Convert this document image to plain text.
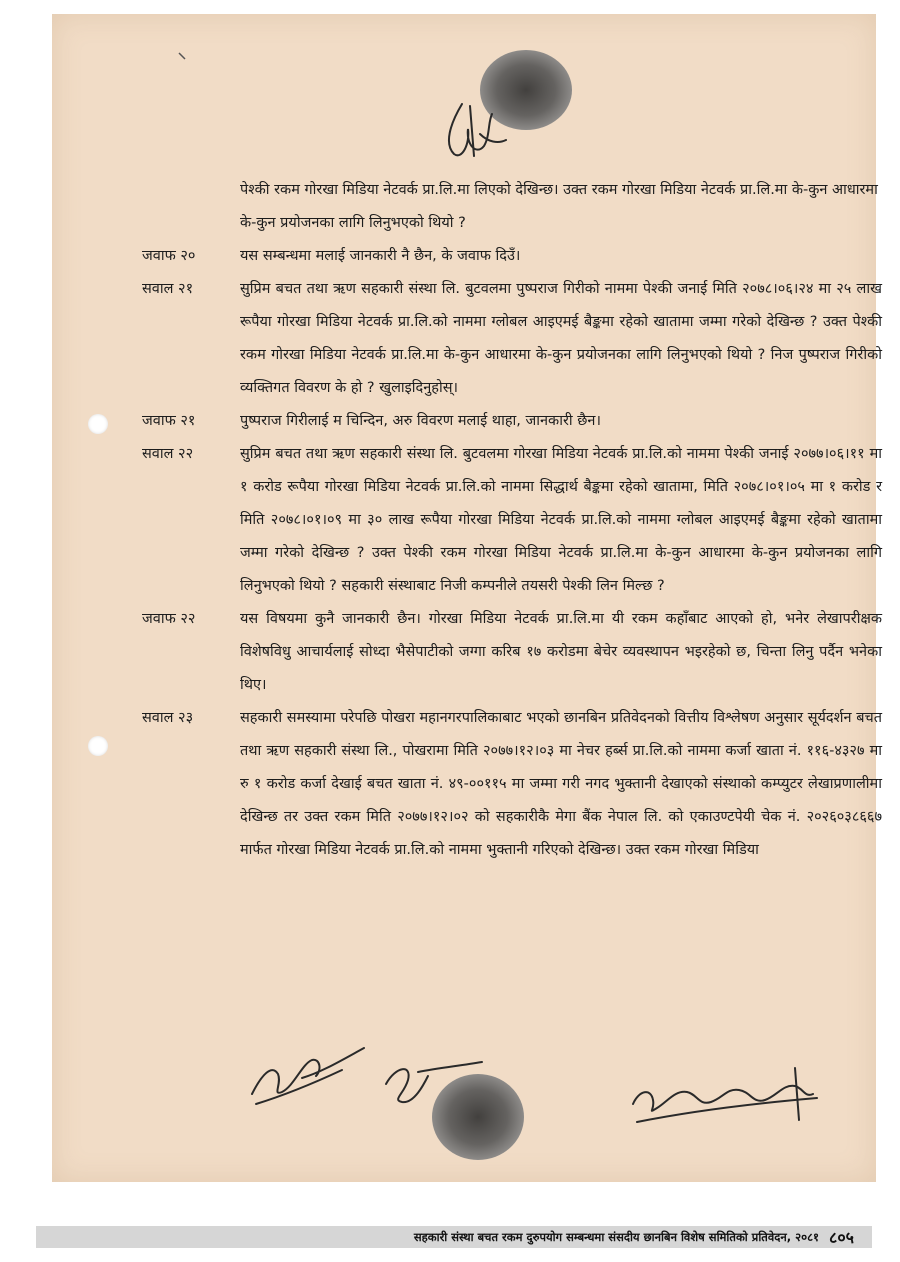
पेश्की रकम गोरखा मिडिया नेटवर्क प्रा.लि.मा लिएको देखिन्छ। उक्त रकम गोरखा मिडिया नेटवर्क प्रा.लि.मा के-कुन आधारमा के-कुन प्रयोजनका लागि लिनुभएको थियो ?
जवाफ २०	यस सम्बन्धमा मलाई जानकारी नै छैन, के जवाफ दिउँ।
सवाल २१	सुप्रिम बचत तथा ऋण सहकारी संस्था लि. बुटवलमा पुष्पराज गिरीको नाममा पेश्की जनाई मिति २०७८।०६।२४ मा २५ लाख रूपैया गोरखा मिडिया नेटवर्क प्रा.लि.को नाममा ग्लोबल आइएमई बैङ्कमा रहेको खातामा जम्मा गरेको देखिन्छ ? उक्त पेश्की रकम गोरखा मिडिया नेटवर्क प्रा.लि.मा के-कुन आधारमा के-कुन प्रयोजनका लागि लिनुभएको थियो ? निज पुष्पराज गिरीको व्यक्तिगत विवरण के हो ? खुलाइदिनुहोस्।
जवाफ २१	पुष्पराज गिरीलाई म चिन्दिन, अरु विवरण मलाई थाहा, जानकारी छैन।
सवाल २२	सुप्रिम बचत तथा ऋण सहकारी संस्था लि. बुटवलमा गोरखा मिडिया नेटवर्क प्रा.लि.को नाममा पेश्की जनाई २०७७।०६।११ मा १ करोड रूपैया गोरखा मिडिया नेटवर्क प्रा.लि.को नाममा सिद्धार्थ बैङ्कमा रहेको खातामा, मिति २०७८।०१।०५ मा १ करोड र मिति २०७८।०१।०९ मा ३० लाख रूपैया गोरखा मिडिया नेटवर्क प्रा.लि.को नाममा ग्लोबल आइएमई बैङ्कमा रहेको खातामा जम्मा गरेको देखिन्छ ? उक्त पेश्की रकम गोरखा मिडिया नेटवर्क प्रा.लि.मा के-कुन आधारमा के-कुन प्रयोजनका लागि लिनुभएको थियो ? सहकारी संस्थाबाट निजी कम्पनीले तयसरी पेश्की लिन मिल्छ ?
जवाफ २२	यस विषयमा कुनै जानकारी छैन। गोरखा मिडिया नेटवर्क प्रा.लि.मा यी रकम कहाँबाट आएको हो, भनेर लेखापरीक्षक विशेषविधु आचार्यलाई सोध्दा भैसेपाटीको जग्गा करिब १७ करोडमा बेचेर व्यवस्थापन भइरहेको छ, चिन्ता लिनु पर्दैन भनेका थिए।
सवाल २३	सहकारी समस्यामा परेपछि पोखरा महानगरपालिकाबाट भएको छानबिन प्रतिवेदनको वित्तीय विश्लेषण अनुसार सूर्यदर्शन बचत तथा ऋण सहकारी संस्था लि., पोखरामा मिति २०७७।१२।०३ मा नेचर हर्ब्स प्रा.लि.को नाममा कर्जा खाता नं. ११६-४३२७ मा रु १ करोड कर्जा देखाई बचत खाता नं. ४९-००११५ मा जम्मा गरी नगद भुक्तानी देखाएको संस्थाको कम्प्युटर लेखाप्रणालीमा देखिन्छ तर उक्त रकम मिति २०७७।१२।०२ को सहकारीकै मेगा बैंक नेपाल लि. को एकाउण्टपेयी चेक नं. २०२६०३८६६७ मार्फत गोरखा मिडिया नेटवर्क प्रा.लि.को नाममा भुक्तानी गरिएको देखिन्छ। उक्त रकम गोरखा मिडिया
सहकारी संस्था बचत रकम दुरुपयोग सम्बन्धमा संसदीय छानबिन विशेष समितिको प्रतिवेदन, २०८१ ८०५
